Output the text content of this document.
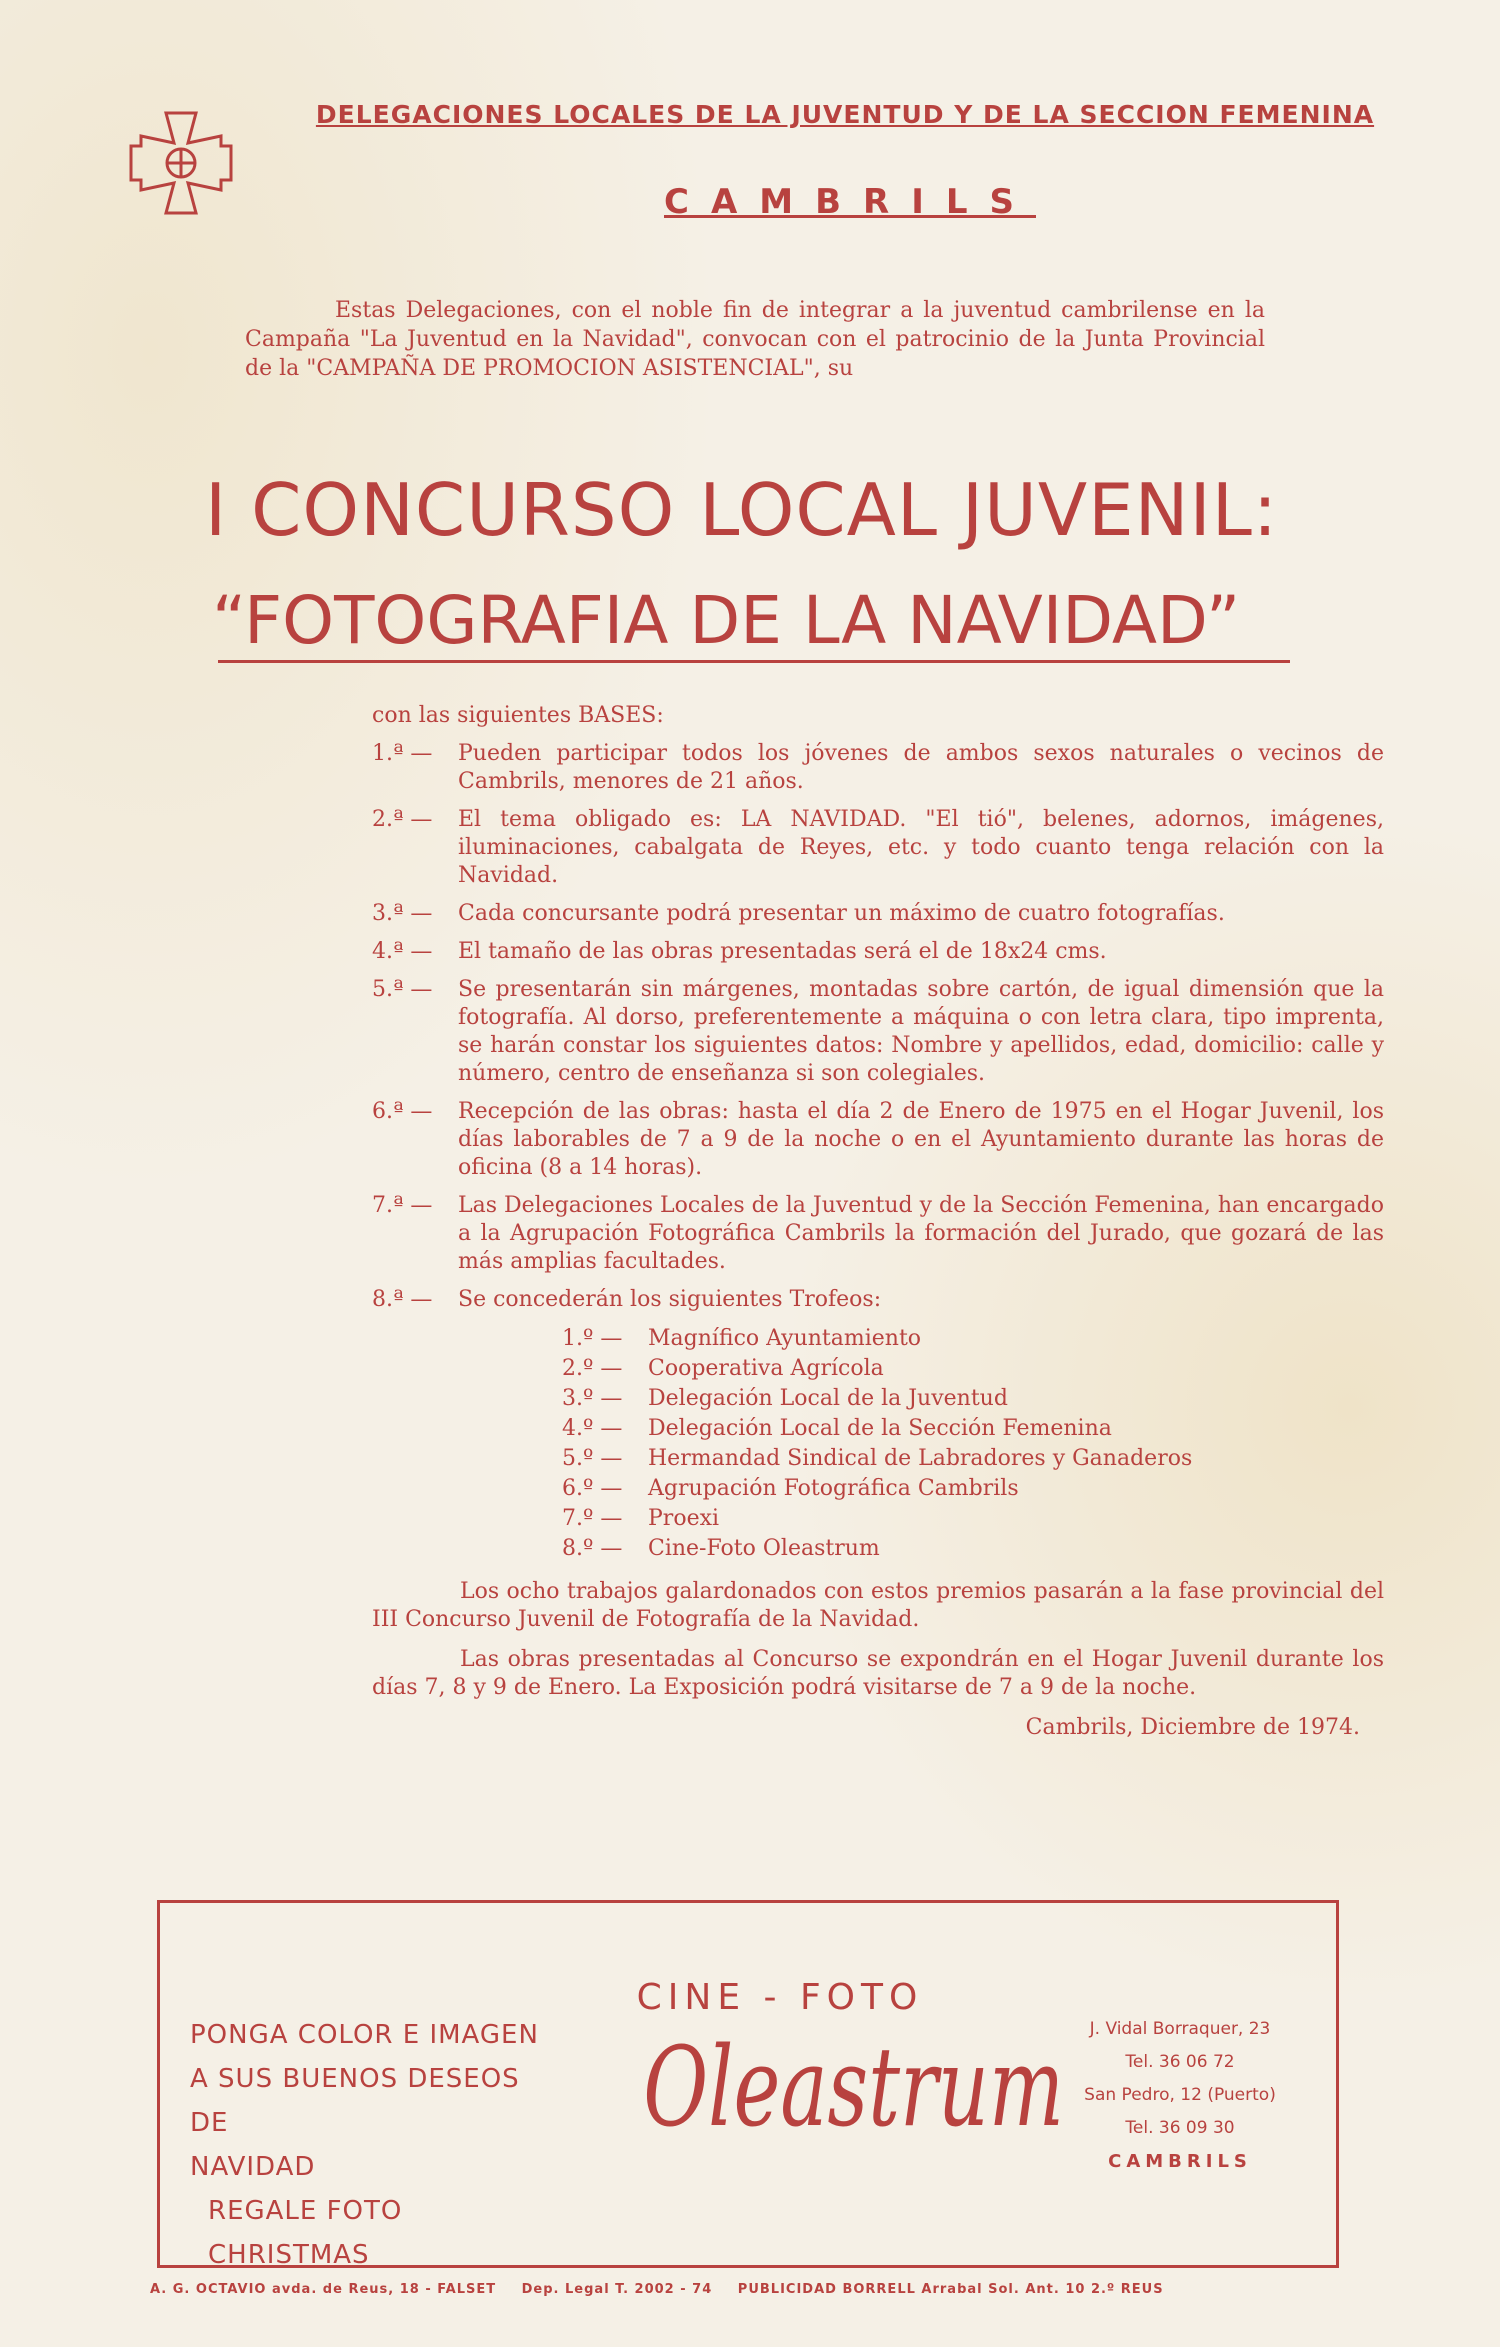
DELEGACIONES LOCALES DE LA JUVENTUD Y DE LA SECCION FEMENINA
CAMBRILS
Estas Delegaciones, con el noble fin de integrar a la juventud cambrilense en la Campaña "La Juventud en la Navidad", convocan con el patrocinio de la Junta Provincial de la "CAMPAÑA DE PROMOCION ASISTENCIAL", su
I CONCURSO LOCAL JUVENIL:
“FOTOGRAFIA DE LA NAVIDAD”
con las siguientes BASES:
1.ª —	Pueden participar todos los jóvenes de ambos sexos naturales o vecinos de Cambrils, menores de 21 años.
2.ª —	El tema obligado es: LA NAVIDAD. "El tió", belenes, adornos, imágenes, iluminaciones, cabalgata de Reyes, etc. y todo cuanto tenga relación con la Navidad.
3.ª —	Cada concursante podrá presentar un máximo de cuatro fotografías.
4.ª —	El tamaño de las obras presentadas será el de 18x24 cms.
5.ª —	Se presentarán sin márgenes, montadas sobre cartón, de igual dimensión que la fotografía. Al dorso, preferentemente a máquina o con letra clara, tipo imprenta, se harán constar los siguientes datos: Nombre y apellidos, edad, domicilio: calle y número, centro de enseñanza si son colegiales.
6.ª —	Recepción de las obras: hasta el día 2 de Enero de 1975 en el Hogar Juvenil, los días laborables de 7 a 9 de la noche o en el Ayuntamiento durante las horas de oficina (8 a 14 horas).
7.ª —	Las Delegaciones Locales de la Juventud y de la Sección Femenina, han encargado a la Agrupación Fotográfica Cambrils la formación del Jurado, que gozará de las más amplias facultades.
8.ª —	Se concederán los siguientes Trofeos:
1.º — Magnífico Ayuntamiento
2.º — Cooperativa Agrícola
3.º — Delegación Local de la Juventud
4.º — Delegación Local de la Sección Femenina
5.º — Hermandad Sindical de Labradores y Ganaderos
6.º — Agrupación Fotográfica Cambrils
7.º — Proexi
8.º — Cine-Foto Oleastrum
Los ocho trabajos galardonados con estos premios pasarán a la fase provincial del III Concurso Juvenil de Fotografía de la Navidad.
Las obras presentadas al Concurso se expondrán en el Hogar Juvenil durante los días 7, 8 y 9 de Enero. La Exposición podrá visitarse de 7 a 9 de la noche.
Cambrils, Diciembre de 1974.
PONGA COLOR E IMAGEN
A SUS BUENOS DESEOS DE
NAVIDAD
REGALE FOTO CHRISTMAS
CINE - FOTO
Oleastrum	J. Vidal Borraquer, 23
Tel. 36 06 72
San Pedro, 12 (Puerto)
Tel. 36 09 30
CAMBRILS
A. G. OCTAVIO avda. de Reus, 18 - FALSET Dep. Legal T. 2002 - 74 PUBLICIDAD BORRELL Arrabal Sol. Ant. 10 2.º REUS
